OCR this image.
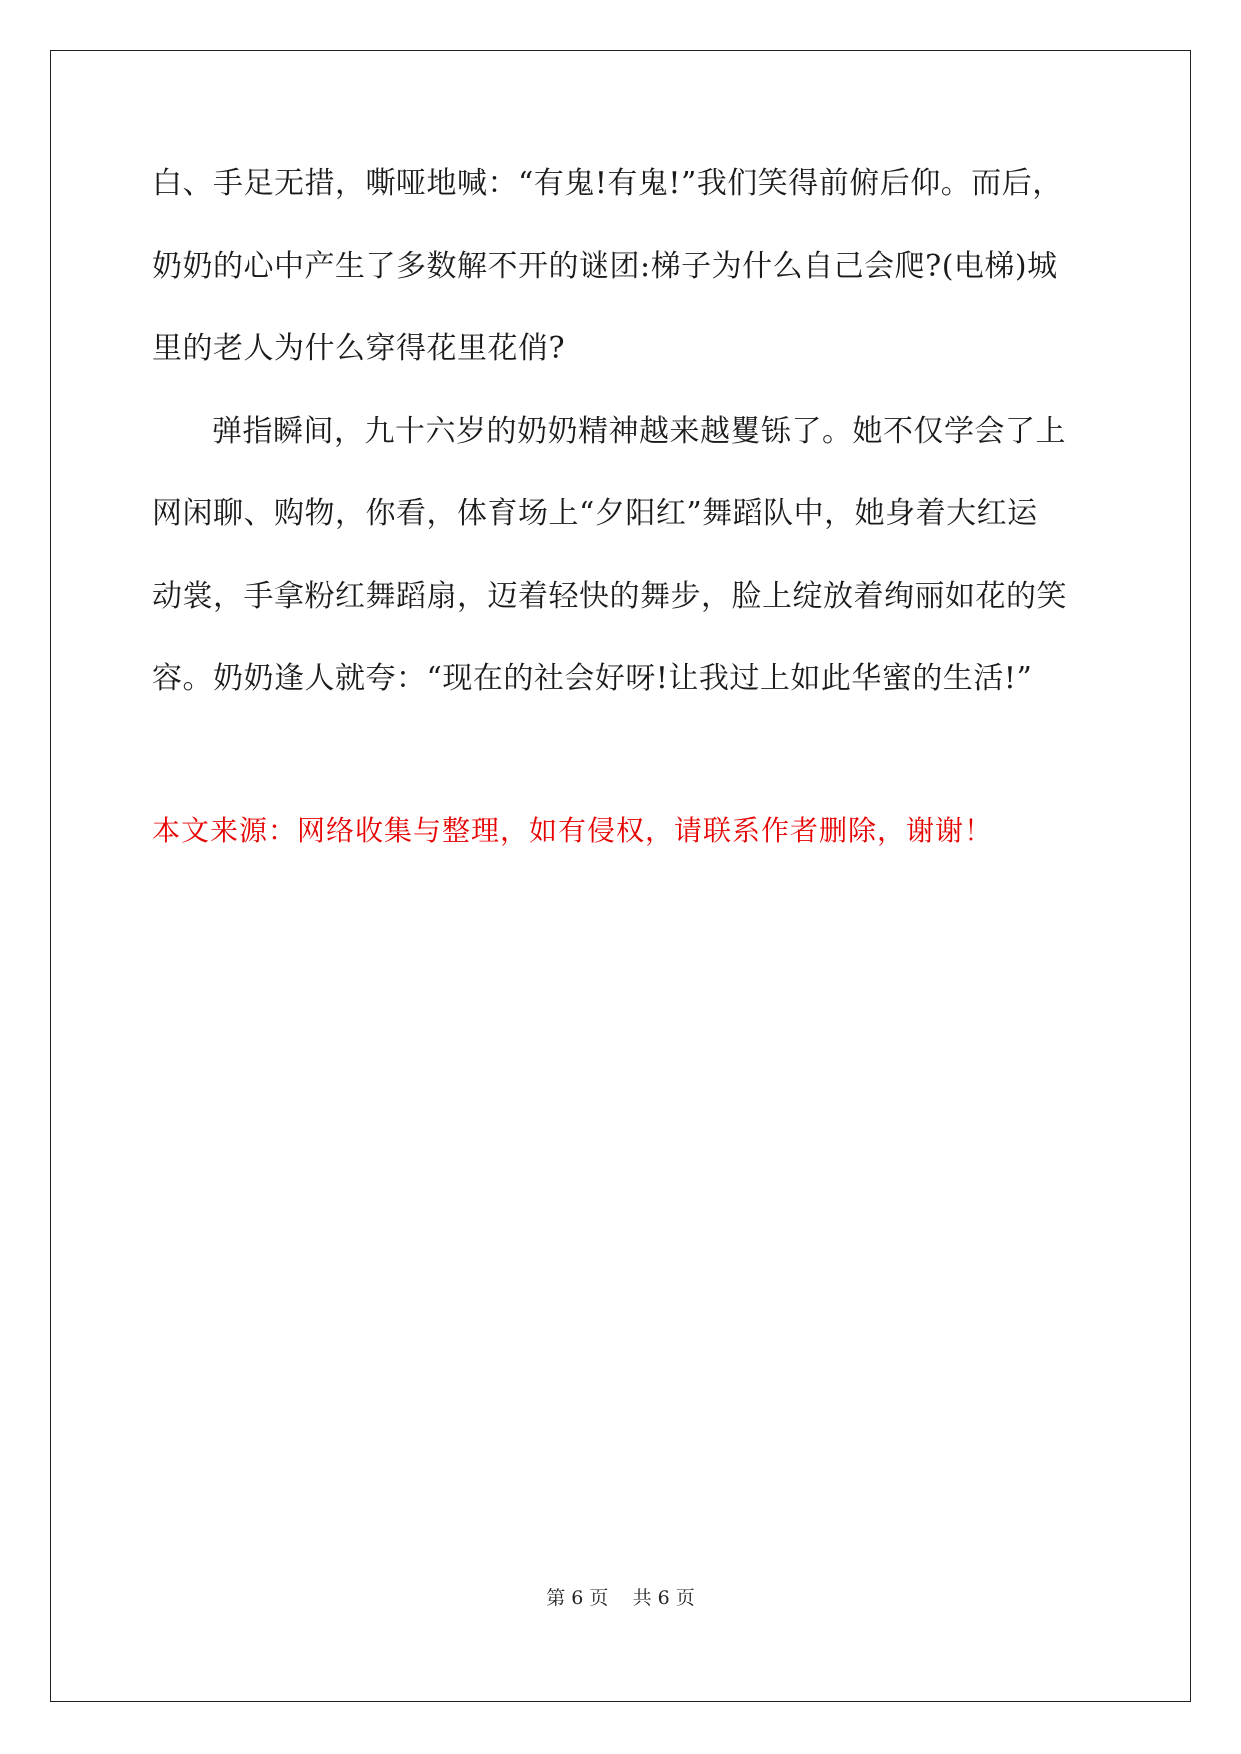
白、手足无措，嘶哑地喊：“有鬼!有鬼!”我们笑得前俯后仰。而后，
奶奶的心中产生了多数解不开的谜团:梯子为什么自己会爬?(电梯)城
里的老人为什么穿得花里花俏?
弹指瞬间，九十六岁的奶奶精神越来越矍铄了。她不仅学会了上
网闲聊、购物，你看，体育场上“夕阳红”舞蹈队中，她身着大红运
动裳，手拿粉红舞蹈扇，迈着轻快的舞步，脸上绽放着绚丽如花的笑
容。奶奶逢人就夸：“现在的社会好呀!让我过上如此华蜜的生活!”
本文来源：网络收集与整理，如有侵权，请联系作者删除，谢谢！
第 6 页    共 6 页
